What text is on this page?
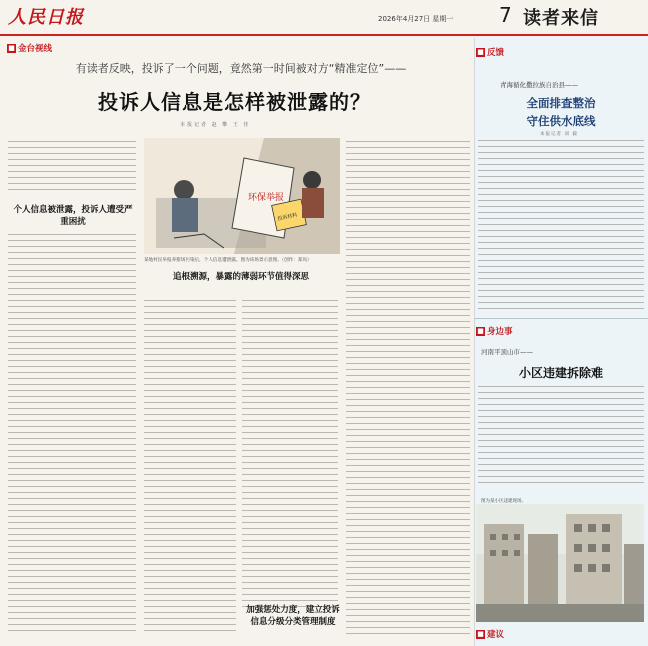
人民日报	2026年4月27日 星期一 7 读者来信
■ 金台视线
有读者反映，投诉了一个问题，竟然第一时间被对方“精准定位”——
投诉人信息是怎样被泄露的？
本报记者 赵 攀 王 佳
个人信息被泄露，投诉人遭受严重困扰
环保举报
投诉材料
某地村民举报养猪场污染后，个人信息遭泄露。图为该场景示意图。（创作：郑岚）
追根溯源，暴露的薄弱环节值得深思
加强惩处力度，建立投诉信息分级分类管理制度
■ 反馈
青海循化撒拉族自治县——
全面排查整治
守住供水底线
本报记者 刘 毅
■ 身边事
河南平顶山市——
小区违建拆除难
图为某小区违建现场。
■ 建议
